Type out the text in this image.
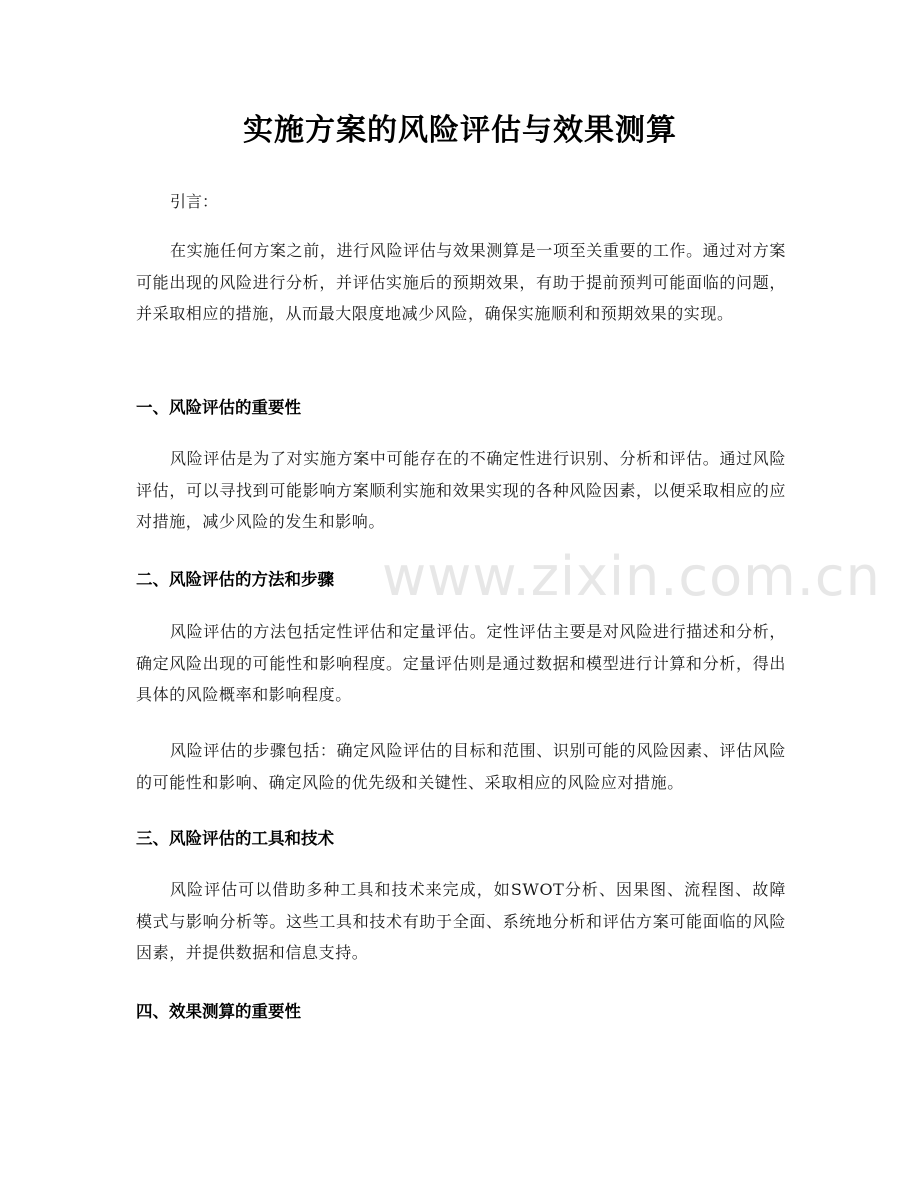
www.zixin.com.cn
实施方案的风险评估与效果测算

引言：

在实施任何方案之前，进行风险评估与效果测算是一项至关重要的工作。通过对方案可能出现的风险进行分析，并评估实施后的预期效果，有助于提前预判可能面临的问题，并采取相应的措施，从而最大限度地减少风险，确保实施顺利和预期效果的实现。

一、风险评估的重要性

风险评估是为了对实施方案中可能存在的不确定性进行识别、分析和评估。通过风险评估，可以寻找到可能影响方案顺利实施和效果实现的各种风险因素，以便采取相应的应对措施，减少风险的发生和影响。

二、风险评估的方法和步骤

风险评估的方法包括定性评估和定量评估。定性评估主要是对风险进行描述和分析，确定风险出现的可能性和影响程度。定量评估则是通过数据和模型进行计算和分析，得出具体的风险概率和影响程度。

风险评估的步骤包括：确定风险评估的目标和范围、识别可能的风险因素、评估风险的可能性和影响、确定风险的优先级和关键性、采取相应的风险应对措施。

三、风险评估的工具和技术

风险评估可以借助多种工具和技术来完成，如SWOT分析、因果图、流程图、故障模式与影响分析等。这些工具和技术有助于全面、系统地分析和评估方案可能面临的风险因素，并提供数据和信息支持。

四、效果测算的重要性
